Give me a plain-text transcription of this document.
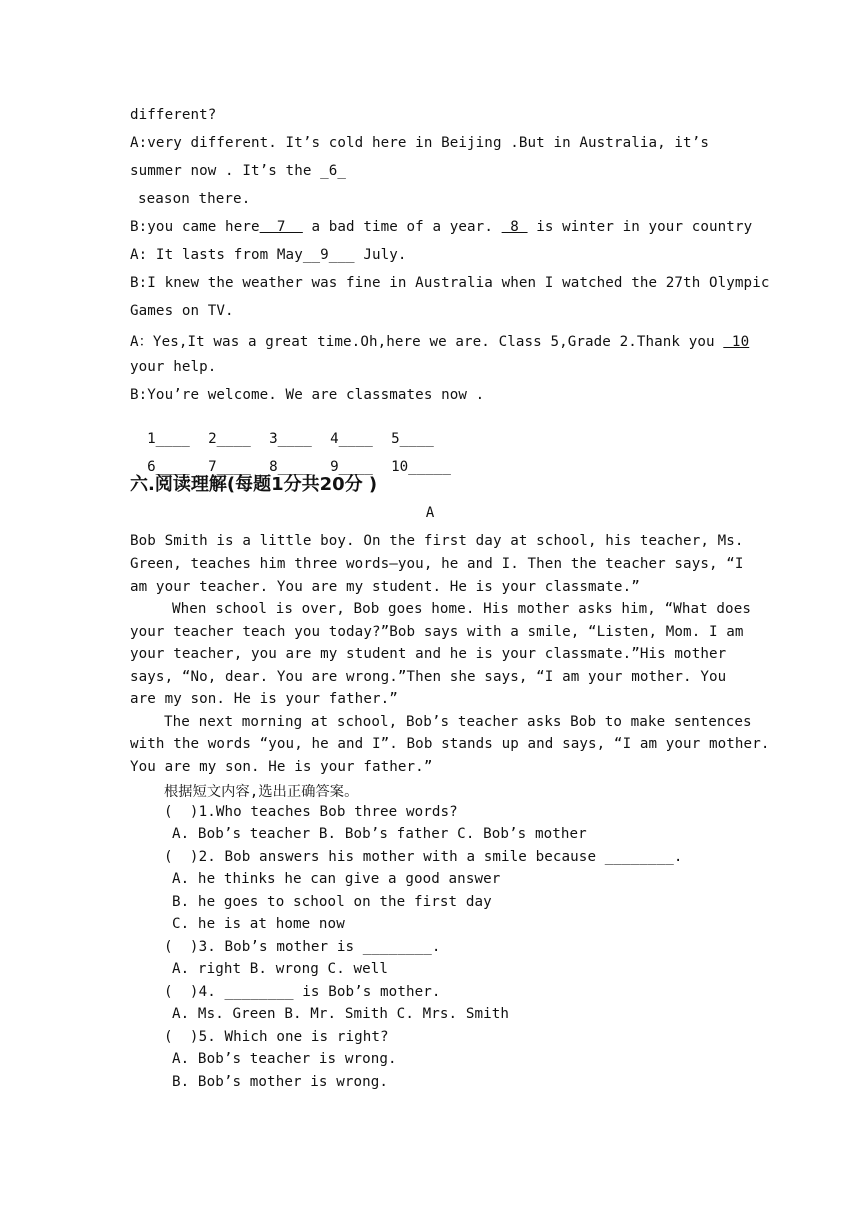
different?
A:very different. It’s cold here in Beijing .But in Australia, it’s
summer now . It’s the _6_
season there.
B:you came here  7   a bad time of a year.  8  is winter in your country
A: It lasts from May__9___ July.
B:I knew the weather was fine in Australia when I watched the 27th Olympic
Games on TV.
A：Yes,It was a great time.Oh,here we are. Class 5,Grade 2.Thank you  10
your help.
B:You’re welcome. We are classmates now .

1____ 2____ 3____ 4____ 5____

6____ 7____ 8____ 9____ 10_____

六.阅读理解(每题1分共20分 )
A
Bob Smith is a little boy. On the first day at school, his teacher, Ms.
Green, teaches him three words—you, he and I. Then the teacher says, “I
am your teacher. You are my student. He is your classmate.”
When school is over, Bob goes home. His mother asks him, “What does
your teacher teach you today?”Bob says with a smile, “Listen, Mom. I am
your teacher, you are my student and he is your classmate.”His mother
says, “No, dear. You are wrong.”Then she says, “I am your mother. You
are my son. He is your father.”
The next morning at school, Bob’s teacher asks Bob to make sentences
with the words “you, he and I”. Bob stands up and says, “I am your mother.
You are my son. He is your father.”
根据短文内容,选出正确答案。
(  )1.Who teaches Bob three words?
A. Bob’s teacher B. Bob’s father C. Bob’s mother
(  )2. Bob answers his mother with a smile because ________.
A. he thinks he can give a good answer
B. he goes to school on the first day
C. he is at home now
(  )3. Bob’s mother is ________.
A. right B. wrong C. well
(  )4. ________ is Bob’s mother.
A. Ms. Green B. Mr. Smith C. Mrs. Smith
(  )5. Which one is right?
A. Bob’s teacher is wrong.
B. Bob’s mother is wrong.
